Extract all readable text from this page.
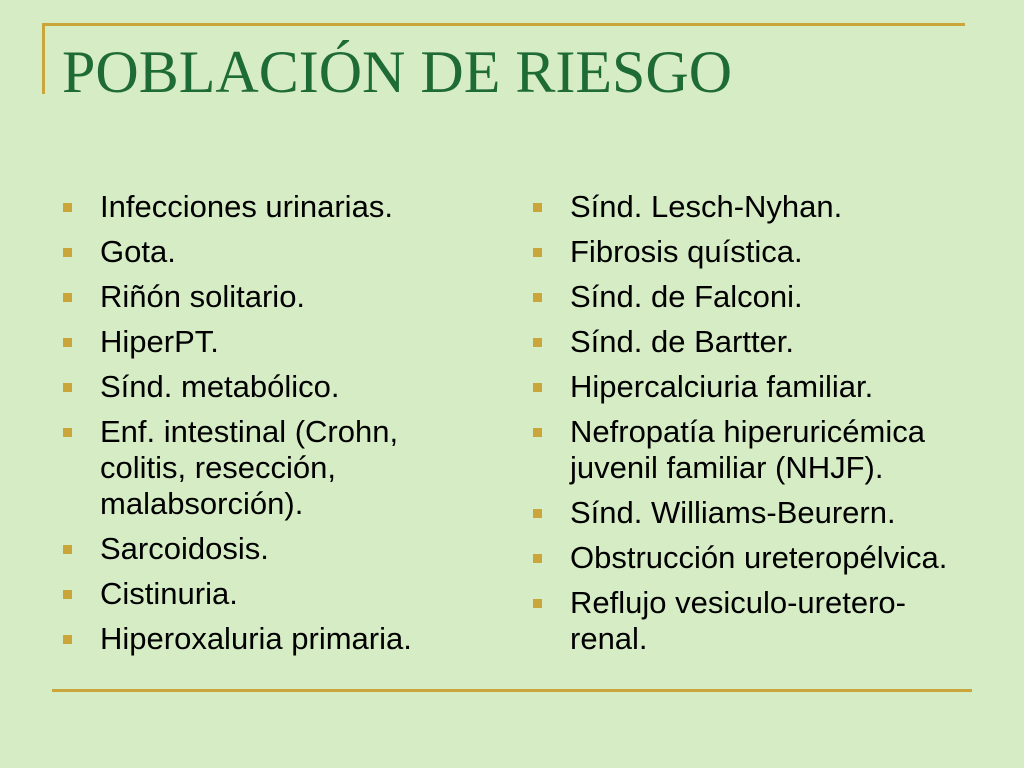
POBLACIÓN DE RIESGO
Infecciones urinarias.
Gota.
Riñón solitario.
HiperPT.
Sínd. metabólico.
Enf. intestinal (Crohn, colitis, resección, malabsorción).
Sarcoidosis.
Cistinuria.
Hiperoxaluria primaria.
Sínd. Lesch-Nyhan.
Fibrosis quística.
Sínd. de Falconi.
Sínd. de Bartter.
Hipercalciuria familiar.
Nefropatía hiperuricémica juvenil familiar (NHJF).
Sínd. Williams-Beurern.
Obstrucción ureteropélvica.
Reflujo vesiculo-uretero-renal.
